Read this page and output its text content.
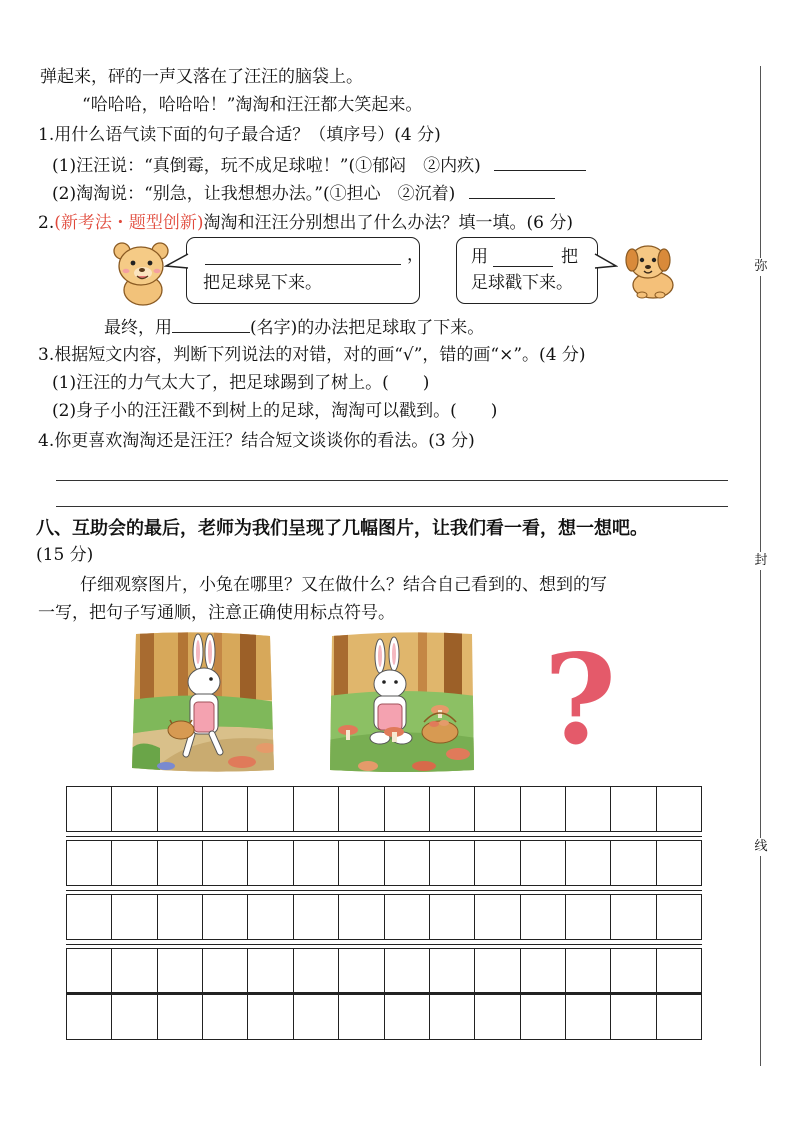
弥
封
线
弹起来，砰的一声又落在了汪汪的脑袋上。
“哈哈哈，哈哈哈！”淘淘和汪汪都大笑起来。
1.用什么语气读下面的句子最合适？（填序号）(4 分)
(1)汪汪说：“真倒霉，玩不成足球啦！”(①郁闷　②内疚)
(2)淘淘说：“别急，让我想想办法。”(①担心　②沉着)
2.(新考法・题型创新)淘淘和汪汪分别想出了什么办法？填一填。(6 分)
，
把足球晃下来。
用	把
足球戳下来。
最终，用	(名字)的办法把足球取了下来。
3.根据短文内容，判断下列说法的对错，对的画“√”，错的画“×”。(4 分)
(1)汪汪的力气太大了，把足球踢到了树上。(　　)
(2)身子小的汪汪戳不到树上的足球，淘淘可以戳到。(　　)
4.你更喜欢淘淘还是汪汪？结合短文谈谈你的看法。(3 分)
八、互助会的最后，老师为我们呈现了几幅图片，让我们看一看，想一想吧。
(15 分)
仔细观察图片，小兔在哪里？又在做什么？结合自己看到的、想到的写
一写，把句子写通顺，注意正确使用标点符号。
?
